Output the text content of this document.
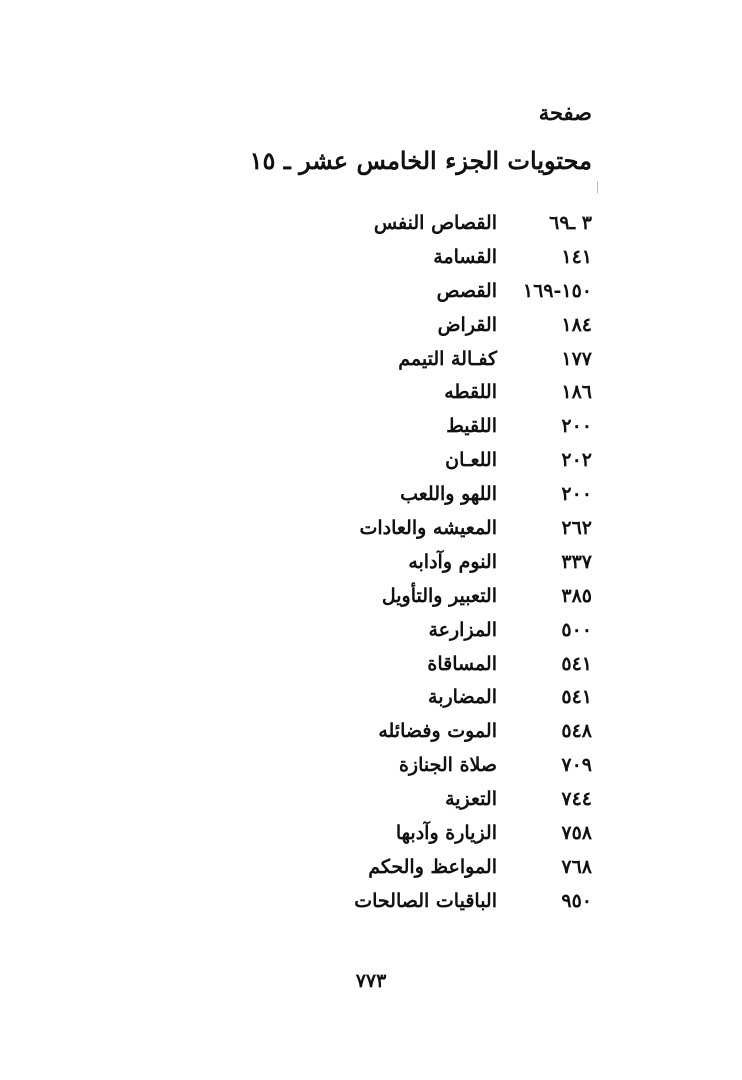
صفحة
محتويات الجزء الخامس عشر ـ ١٥
٣ ـ٦٩
القصاص النفس
١٤١
القسامة
١٥٠-١٦٩
القصص
١٨٤
القراض
١٧٧
كفـالة التيمم
١٨٦
اللقطه
٢٠٠
اللقيط
٢٠٢
اللعـان
٢٠٠
اللهو واللعب
٢٦٢
المعيشه والعادات
٣٣٧
النوم وآدابه
٣٨٥
التعبير والتأويل
٥٠٠
المزارعة
٥٤١
المساقاة
٥٤١
المضاربة
٥٤٨
الموت وفضائله
٧٠٩
صلاة الجنازة
٧٤٤
التعزية
٧٥٨
الزيارة وآدبها
٧٦٨
المواعظ والحكم
٩٥٠
الباقيات الصالحات
٧٧٣
